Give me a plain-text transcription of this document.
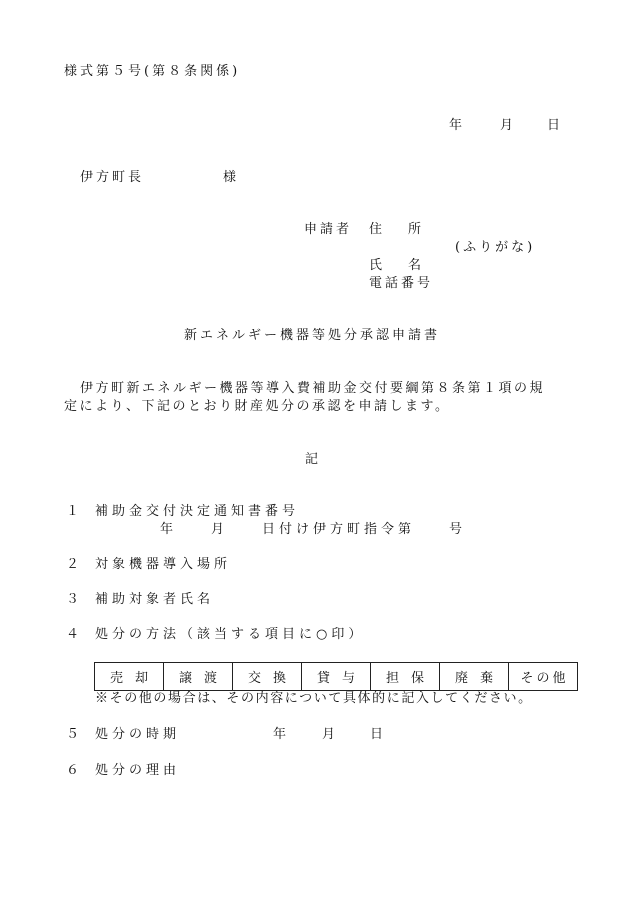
様式第５号(第８条関係)
年	月	日
伊方町長	様
申請者 住　　所
(ふりがな)
氏　　名
電話番号
新エネルギー機器等処分承認申請書
伊方町新エネルギー機器等導入費補助金交付要綱第８条第１項の規
定により、下記のとおり財産処分の承認を申請します。
記
１ 補助金交付決定通知書番号
年　　月　　日付け伊方町指令第　　号
２ 対象機器導入場所
３ 補助対象者氏名
４ 処分の方法（該当する項目に○印）
売却	譲渡	交換	貸与	担保	廃棄	その他
※その他の場合は、その内容について具体的に記入してください。
５ 処分の時期	年	月	日
６ 処分の理由
